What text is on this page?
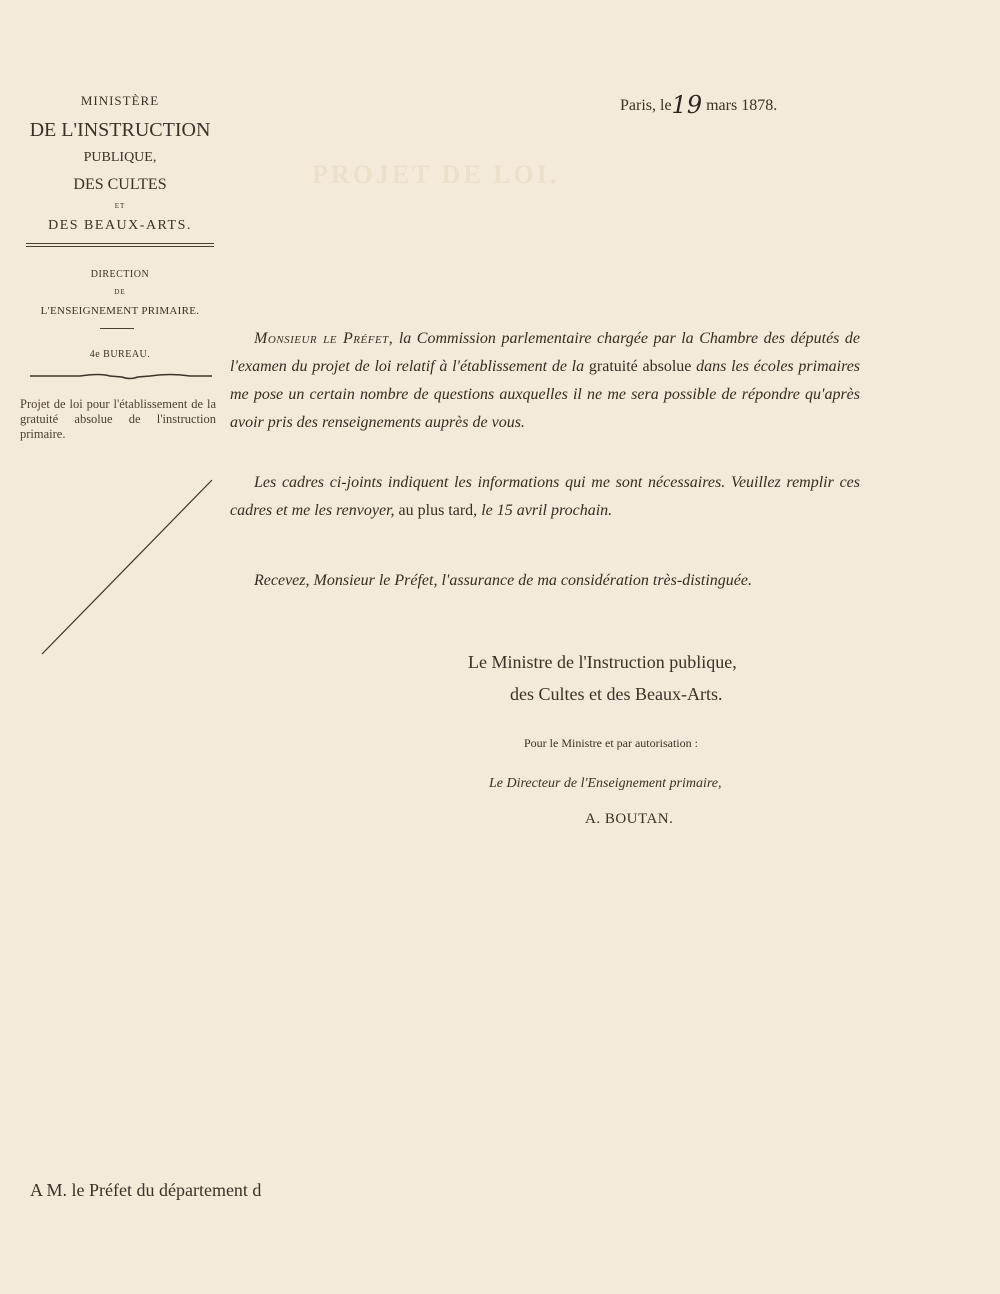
PROJET DE LOI.
MINISTÈRE
DE L'INSTRUCTION
PUBLIQUE,
DES CULTES
ET
DES BEAUX-ARTS.
DIRECTION
DE
L'ENSEIGNEMENT PRIMAIRE.
4e BUREAU.
Projet de loi pour l'établissement de la gratuité absolue de l'instruction primaire.
Paris, le19 mars 1878.
Monsieur le Préfet, la Commission parlementaire chargée par la Chambre des députés de l'examen du projet de loi relatif à l'établissement de la gratuité absolue dans les écoles primaires me pose un certain nombre de questions auxquelles il ne me sera possible de répondre qu'après avoir pris des renseignements auprès de vous.
Les cadres ci-joints indiquent les informations qui me sont nécessaires. Veuillez remplir ces cadres et me les renvoyer, au plus tard, le 15 avril prochain.
Recevez, Monsieur le Préfet, l'assurance de ma considération très-distinguée.
Le Ministre de l'Instruction publique,
des Cultes et des Beaux-Arts.
Pour le Ministre et par autorisation :
Le Directeur de l'Enseignement primaire,
A. BOUTAN.
A M. le Préfet du département d
